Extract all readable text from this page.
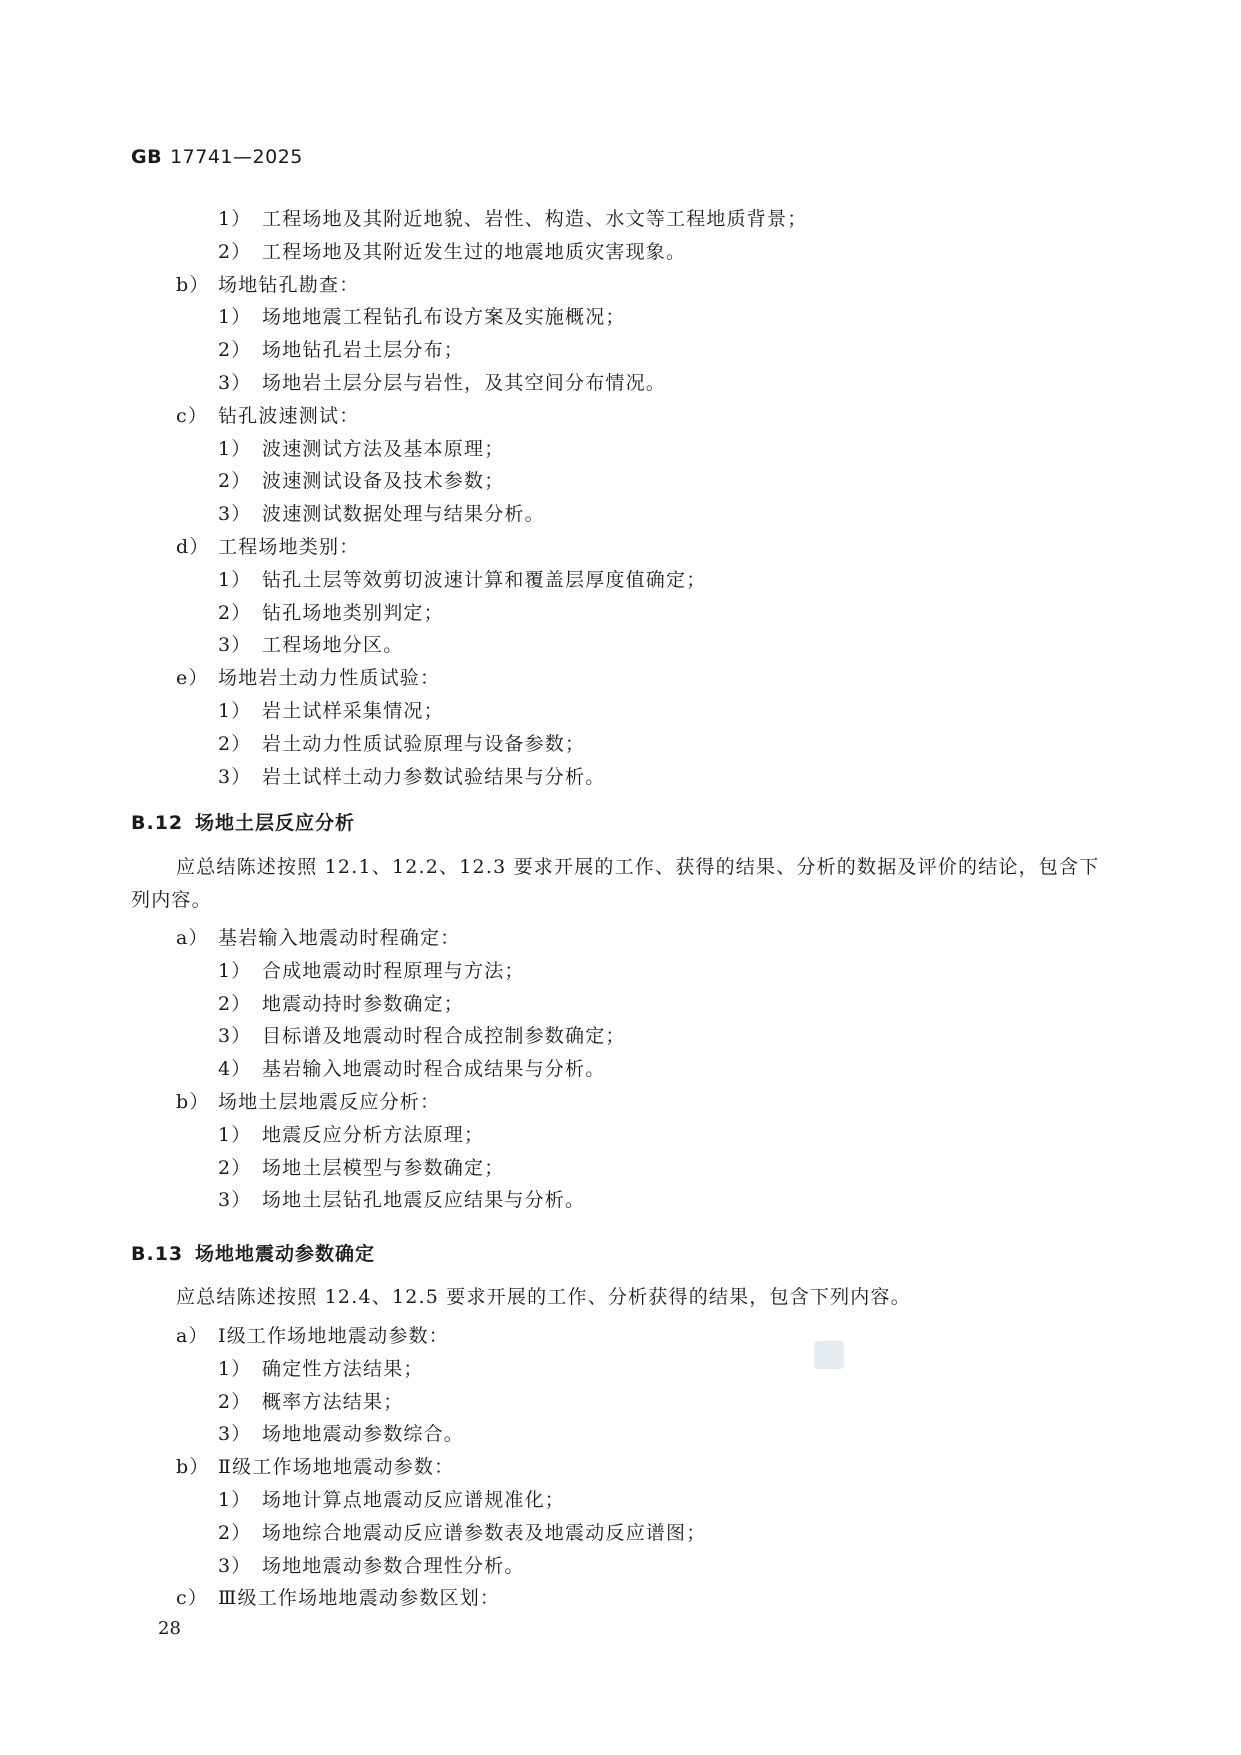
GB 17741—2025
1） 工程场地及其附近地貌、岩性、构造、水文等工程地质背景；
2） 工程场地及其附近发生过的地震地质灾害现象。
b） 场地钻孔勘查：
1） 场地地震工程钻孔布设方案及实施概况；
2） 场地钻孔岩土层分布；
3） 场地岩土层分层与岩性，及其空间分布情况。
c） 钻孔波速测试：
1） 波速测试方法及基本原理；
2） 波速测试设备及技术参数；
3） 波速测试数据处理与结果分析。
d） 工程场地类别：
1） 钻孔土层等效剪切波速计算和覆盖层厚度值确定；
2） 钻孔场地类别判定；
3） 工程场地分区。
e） 场地岩土动力性质试验：
1） 岩土试样采集情况；
2） 岩土动力性质试验原理与设备参数；
3） 岩土试样土动力参数试验结果与分析。
B.12 场地土层反应分析
应总结陈述按照 12.1、12.2、12.3 要求开展的工作、获得的结果、分析的数据及评价的结论，包含下
列内容。
a） 基岩输入地震动时程确定：
1） 合成地震动时程原理与方法；
2） 地震动持时参数确定；
3） 目标谱及地震动时程合成控制参数确定；
4） 基岩输入地震动时程合成结果与分析。
b） 场地土层地震反应分析：
1） 地震反应分析方法原理；
2） 场地土层模型与参数确定；
3） 场地土层钻孔地震反应结果与分析。
B.13 场地地震动参数确定
应总结陈述按照 12.4、12.5 要求开展的工作、分析获得的结果，包含下列内容。
a） Ⅰ级工作场地地震动参数：
1） 确定性方法结果；
2） 概率方法结果；
3） 场地地震动参数综合。
b） Ⅱ级工作场地地震动参数：
1） 场地计算点地震动反应谱规准化；
2） 场地综合地震动反应谱参数表及地震动反应谱图；
3） 场地地震动参数合理性分析。
c） Ⅲ级工作场地地震动参数区划：
28
